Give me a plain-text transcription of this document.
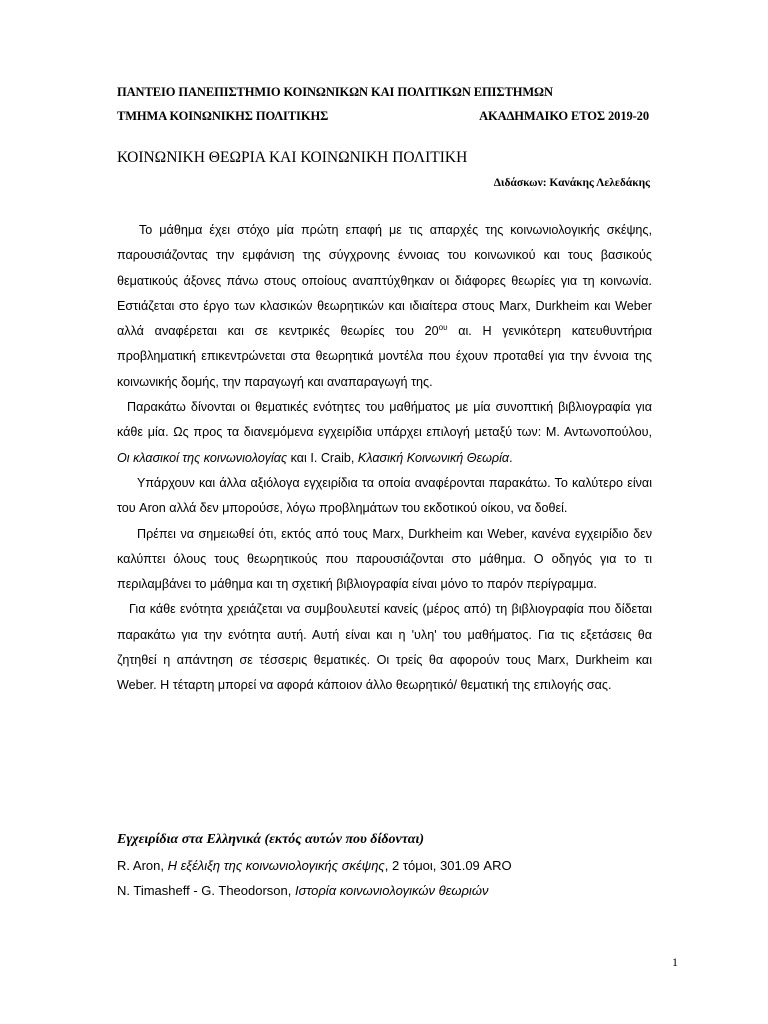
ΠΑΝΤΕΙΟ ΠΑΝΕΠΙΣΤΗΜΙΟ ΚΟΙΝΩΝΙΚΩΝ ΚΑΙ ΠΟΛΙΤΙΚΩΝ ΕΠΙΣΤΗΜΩΝ
ΤΜΗΜΑ ΚΟΙΝΩΝΙΚΗΣ ΠΟΛΙΤΙΚΗΣ	ΑΚΑΔΗΜΑΙΚΟ ΕΤΟΣ 2019-20
ΚΟΙΝΩΝΙΚΗ ΘΕΩΡΙΑ ΚΑΙ ΚΟΙΝΩΝΙΚΗ ΠΟΛΙΤΙΚΗ
Διδάσκων: Κανάκης Λελεδάκης

Το μάθημα έχει στόχο μία πρώτη επαφή με τις απαρχές της κοινωνιολογικής σκέψης, παρουσιάζοντας την εμφάνιση της σύγχρονης έννοιας του κοινωνικού και τους βασικούς θεματικούς άξονες πάνω στους οποίους αναπτύχθηκαν οι διάφορες θεωρίες για τη κοινωνία. Εστιάζεται στο έργο των κλασικών θεωρητικών και ιδιαίτερα στους Marx, Durkheim και Weber αλλά αναφέρεται και σε κεντρικές θεωρίες του $20^{o\upsilon}$ αι. Η γενικότερη κατευθυντήρια προβληματική επικεντρώνεται στα θεωρητικά μοντέλα που έχουν προταθεί για την έννοια της κοινωνικής δομής, την παραγωγή και αναπαραγωγή της.

Παρακάτω δίνονται οι θεματικές ενότητες του μαθήματος με μία συνοπτική βιβλιογραφία για κάθε μία. Ως προς τα διανεμόμενα εγχειρίδια υπάρχει επιλογή μεταξύ των: Μ. Αντωνοπούλου, Οι κλασικοί της κοινωνιολογίας και I. Craib, Κλασική Κοινωνική Θεωρία.

Υπάρχουν και άλλα αξιόλογα εγχειρίδια τα οποία αναφέρονται παρακάτω. Το καλύτερο είναι του Aron αλλά δεν μπορούσε, λόγω προβλημάτων του εκδοτικού οίκου, να δοθεί.

Πρέπει να σημειωθεί ότι, εκτός από τους Marx, Durkheim και Weber, κανένα εγχειρίδιο δεν καλύπτει όλους τους θεωρητικούς που παρουσιάζονται στο μάθημα. Ο οδηγός για το τι περιλαμβάνει το μάθημα και τη σχετική βιβλιογραφία είναι μόνο το παρόν περίγραμμα.

Για κάθε ενότητα χρειάζεται να συμβουλευτεί κανείς (μέρος από) τη βιβλιογραφία που δίδεται παρακάτω για την ενότητα αυτή. Αυτή είναι και η 'υλη' του μαθήματος. Για τις εξετάσεις θα ζητηθεί η απάντηση σε τέσσερις θεματικές. Οι τρείς θα αφορούν τους Marx, Durkheim και Weber. Η τέταρτη μπορεί να αφορά κάποιον άλλο θεωρητικό/ θεματική της επιλογής σας.

Εγχειρίδια στα Ελληνικά (εκτός αυτών που δίδονται)

R. Aron, Η εξέλιξη της κοινωνιολογικής σκέψης, 2 τόμοι, 301.09 ARO

N. Timasheff - G. Theodorson, Ιστορία κοινωνιολογικών θεωριών

1
